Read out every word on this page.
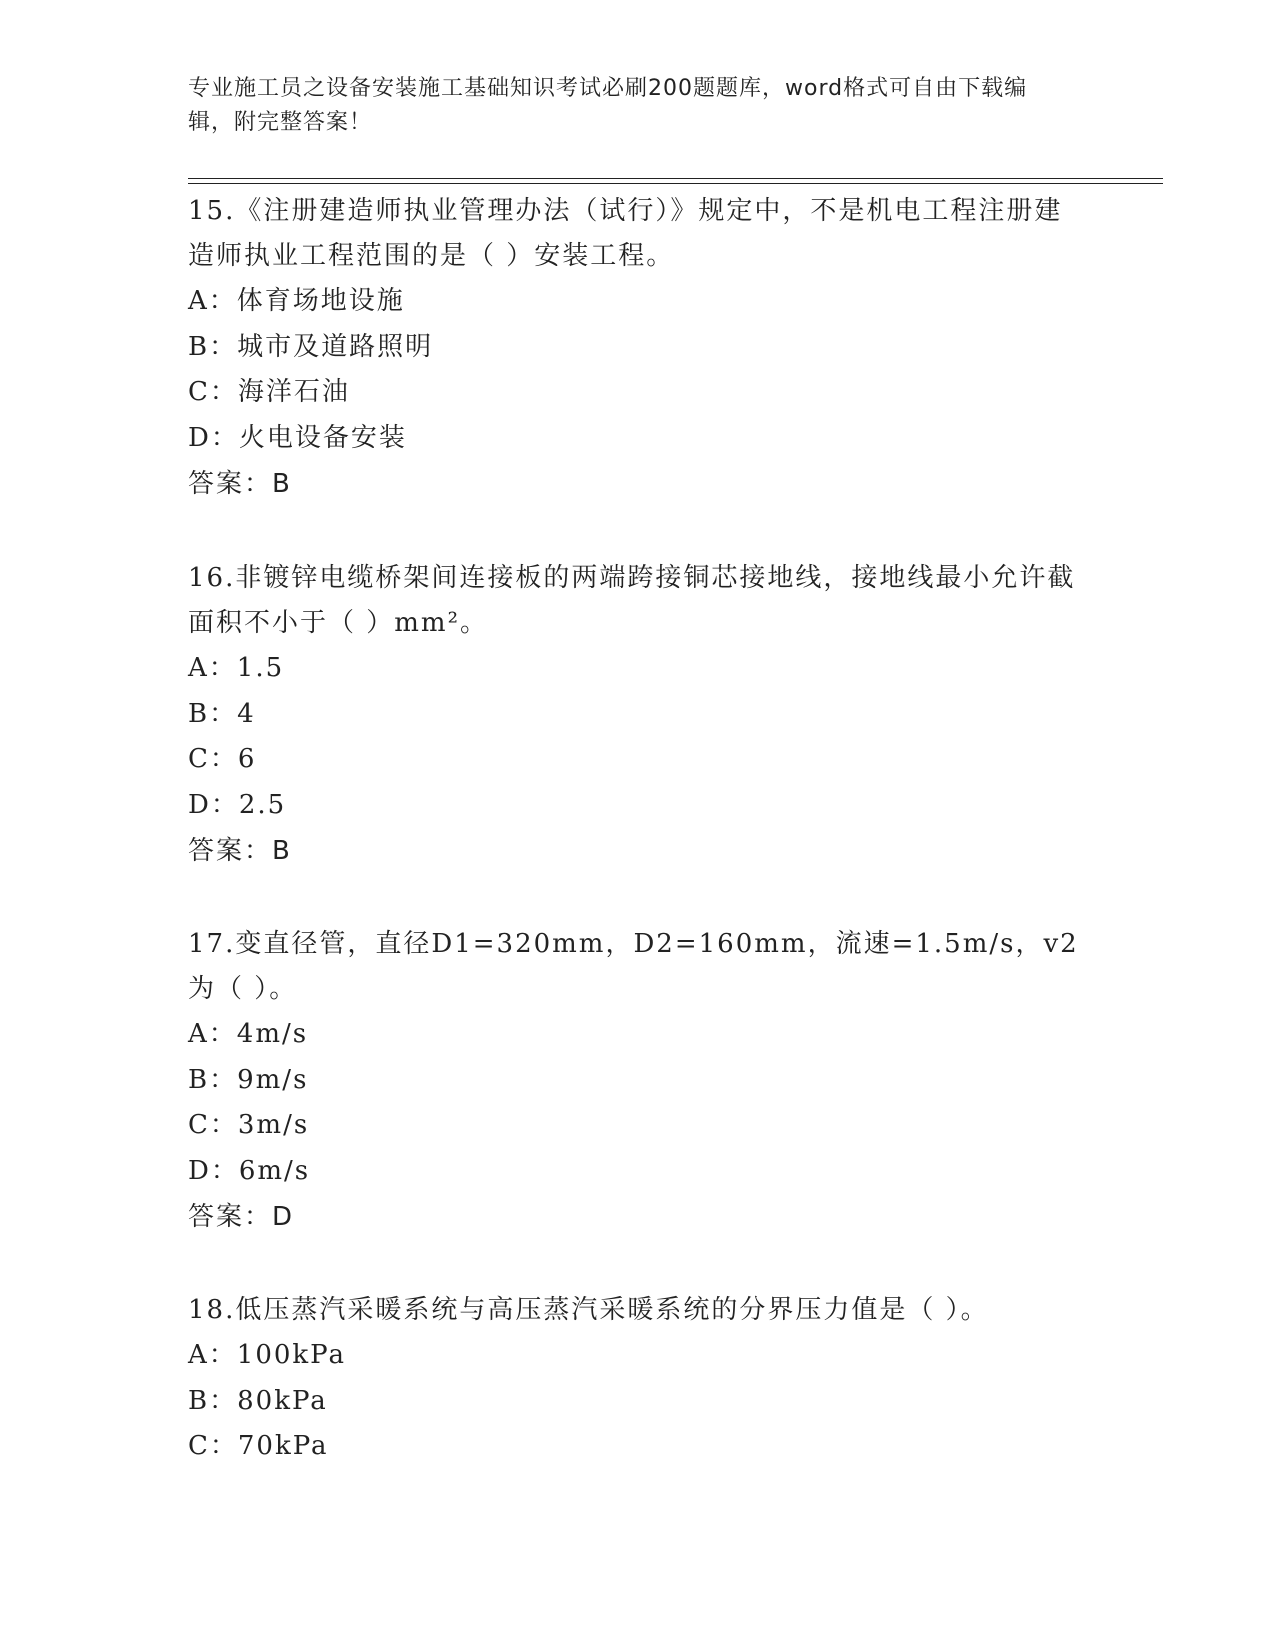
专业施工员之设备安装施工基础知识考试必刷200题题库，word格式可自由下载编辑，附完整答案！

15.《注册建造师执业管理办法（试行）》规定中，不是机电工程注册建造师执业工程范围的是（ ）安装工程。

A：体育场地设施

B：城市及道路照明

C：海洋石油

D：火电设备安装

答案：B

16.非镀锌电缆桥架间连接板的两端跨接铜芯接地线，接地线最小允许截面积不小于（ ）mm²。

A：1.5

B：4

C：6

D：2.5

答案：B

17.变直径管，直径D1=320mm，D2=160mm，流速=1.5m/s，v2为（ ）。

A：4m/s

B：9m/s

C：3m/s

D：6m/s

答案：D

18.低压蒸汽采暖系统与高压蒸汽采暖系统的分界压力值是（ ）。

A：100kPa

B：80kPa

C：70kPa
